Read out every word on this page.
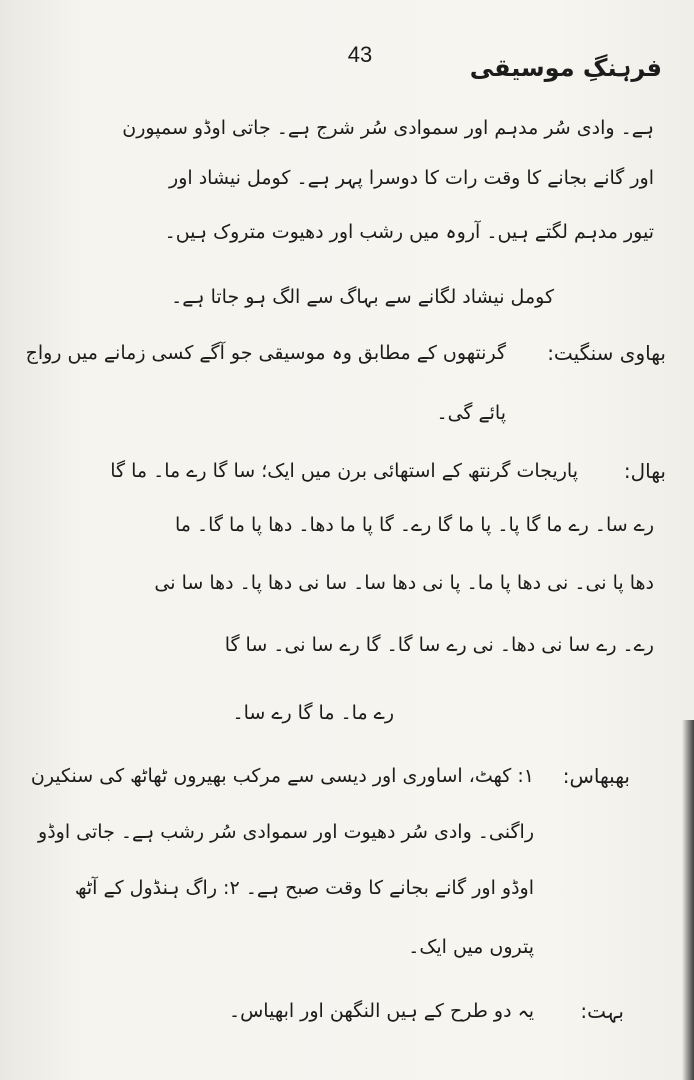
43	فرہنگِ موسیقی
ہے۔ وادی سُر مدہم اور سموادی سُر شرج ہے۔ جاتی اوڈو سمپورن
اور گانے بجانے کا وقت رات کا دوسرا پہر ہے۔ کومل نیشاد اور
تیور مدہم لگتے ہیں۔ آروہ میں رشب اور دھیوت متروک ہیں۔
کومل نیشاد لگانے سے بہاگ سے الگ ہو جاتا ہے۔
بھاوی سنگیت:
گرنتھوں کے مطابق وہ موسیقی جو آگے کسی زمانے میں رواج
پائے گی۔
بھال:
پاریجات گرنتھ کے استھائی برن میں ایک؛ سا گا رے ما۔ ما گا
رے سا۔ رے ما گا پا۔ پا ما گا رے۔ گا پا ما دھا۔ دھا پا ما گا۔ ما
دھا پا نی۔ نی دھا پا ما۔ پا نی دھا سا۔ سا نی دھا پا۔ دھا سا نی
رے۔ رے سا نی دھا۔ نی رے سا گا۔ گا رے سا نی۔ سا گا
رے ما۔ ما گا رے سا۔
بھبھاس:
۱: کھٹ، اساوری اور دیسی سے مرکب بھیروں ٹھاٹھ کی سنکیرن
راگنی۔ وادی سُر دھیوت اور سموادی سُر رشب ہے۔ جاتی اوڈو
اوڈو اور گانے بجانے کا وقت صبح ہے۔ ۲: راگ ہنڈول کے آٹھ
پتروں میں ایک۔
بہت:
یہ دو طرح کے ہیں النگھن اور ابھیاس۔
